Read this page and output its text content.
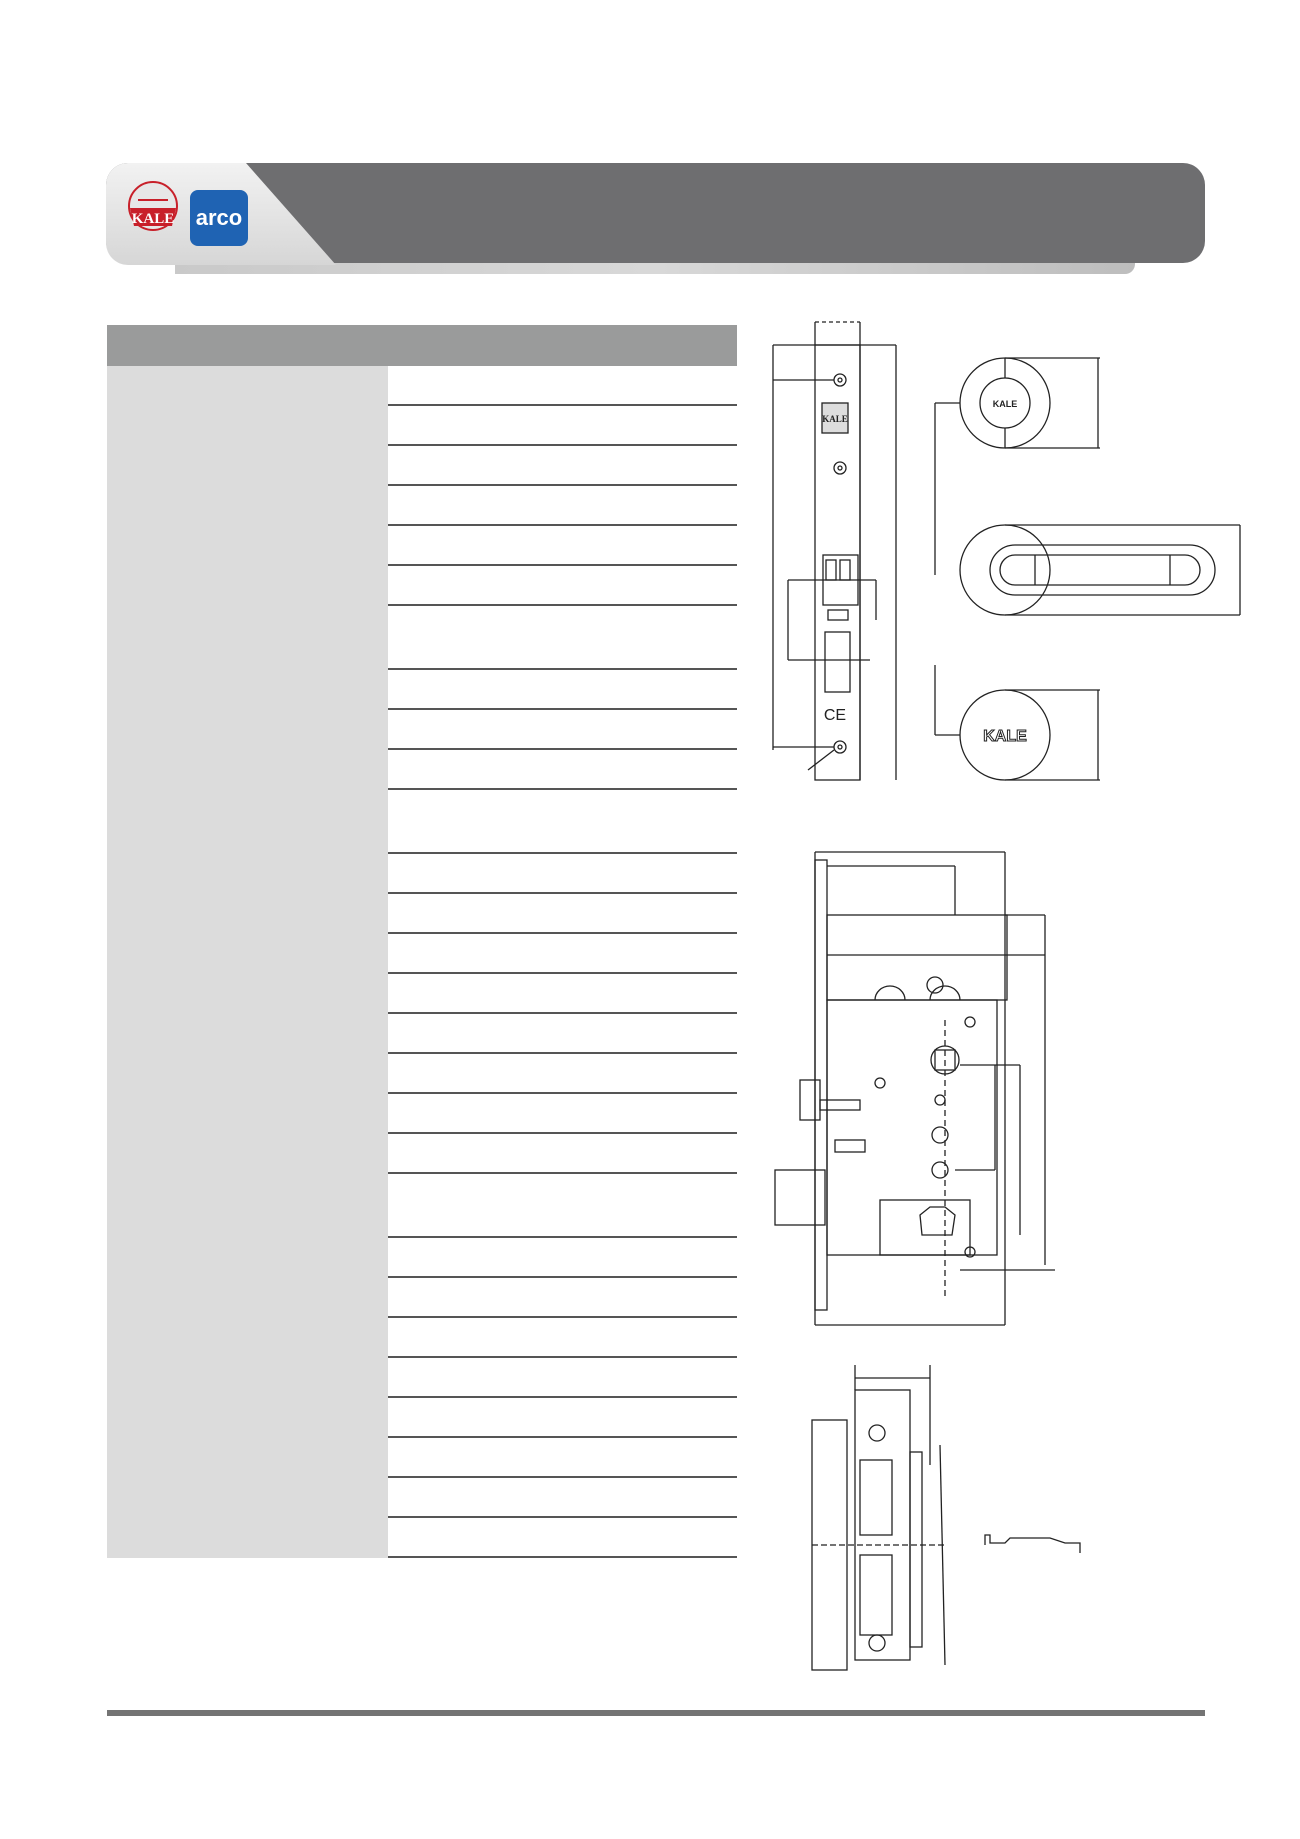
KALE arco
KALE
CE
KALE
KALE
